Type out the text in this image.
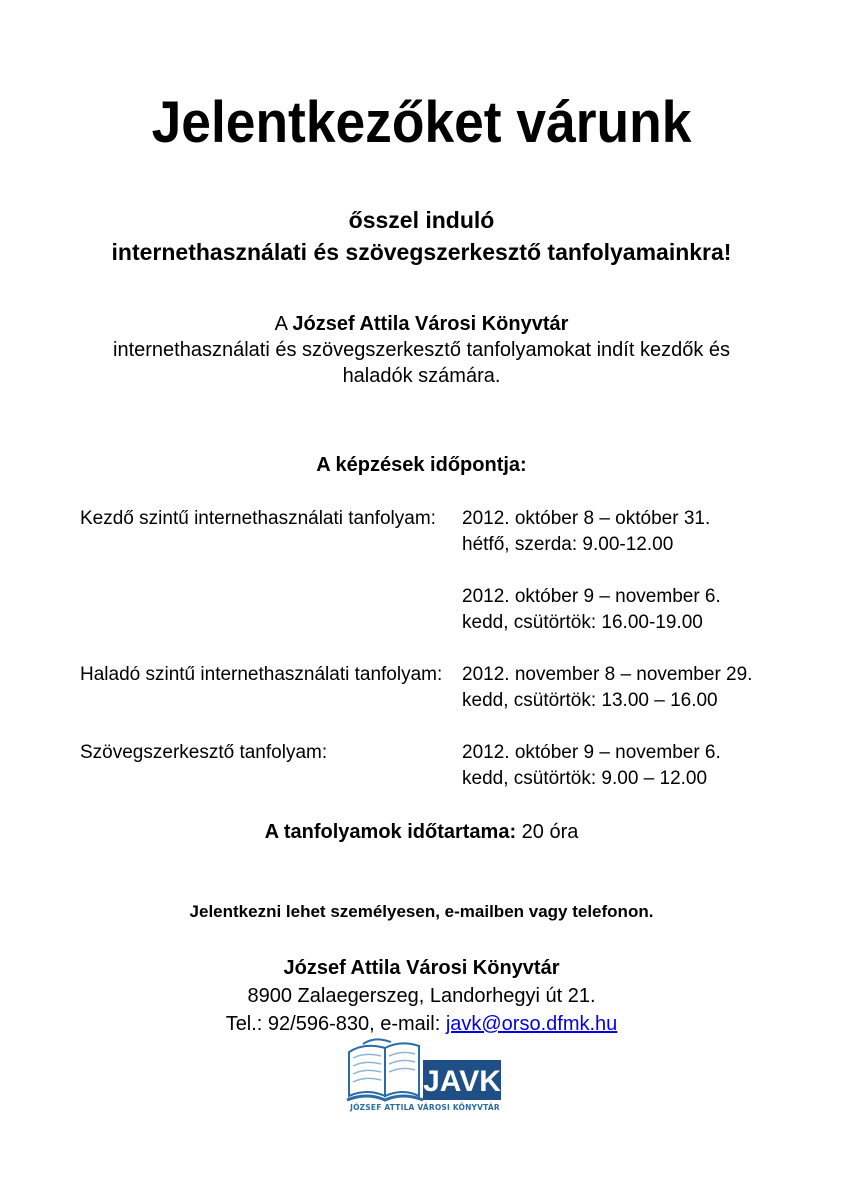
Jelentkezőket várunk
ősszel induló
internethasználati és szövegszerkesztő tanfolyamainkra!
A József Attila Városi Könyvtár
internethasználati és szövegszerkesztő tanfolyamokat indít kezdők és
haladók számára.
A képzések időpontja:
Kezdő szintű internethasználati tanfolyam:	2012. október 8 – október 31.
hétfő, szerda: 9.00-12.00
2012. október 9 – november 6.
kedd, csütörtök: 16.00-19.00
Haladó szintű internethasználati tanfolyam:	2012. november 8 – november 29.
kedd, csütörtök: 13.00 – 16.00
Szövegszerkesztő tanfolyam:	2012. október 9 – november 6.
kedd, csütörtök: 9.00 – 12.00
A tanfolyamok időtartama: 20 óra
Jelentkezni lehet személyesen, e-mailben vagy telefonon.
József Attila Városi Könyvtár
8900 Zalaegerszeg, Landorhegyi út 21.
Tel.: 92/596-830, e-mail: javk@orso.dfmk.hu
JAVK
JÓZSEF ATTILA VÁROSI KÖNYVTÁR
